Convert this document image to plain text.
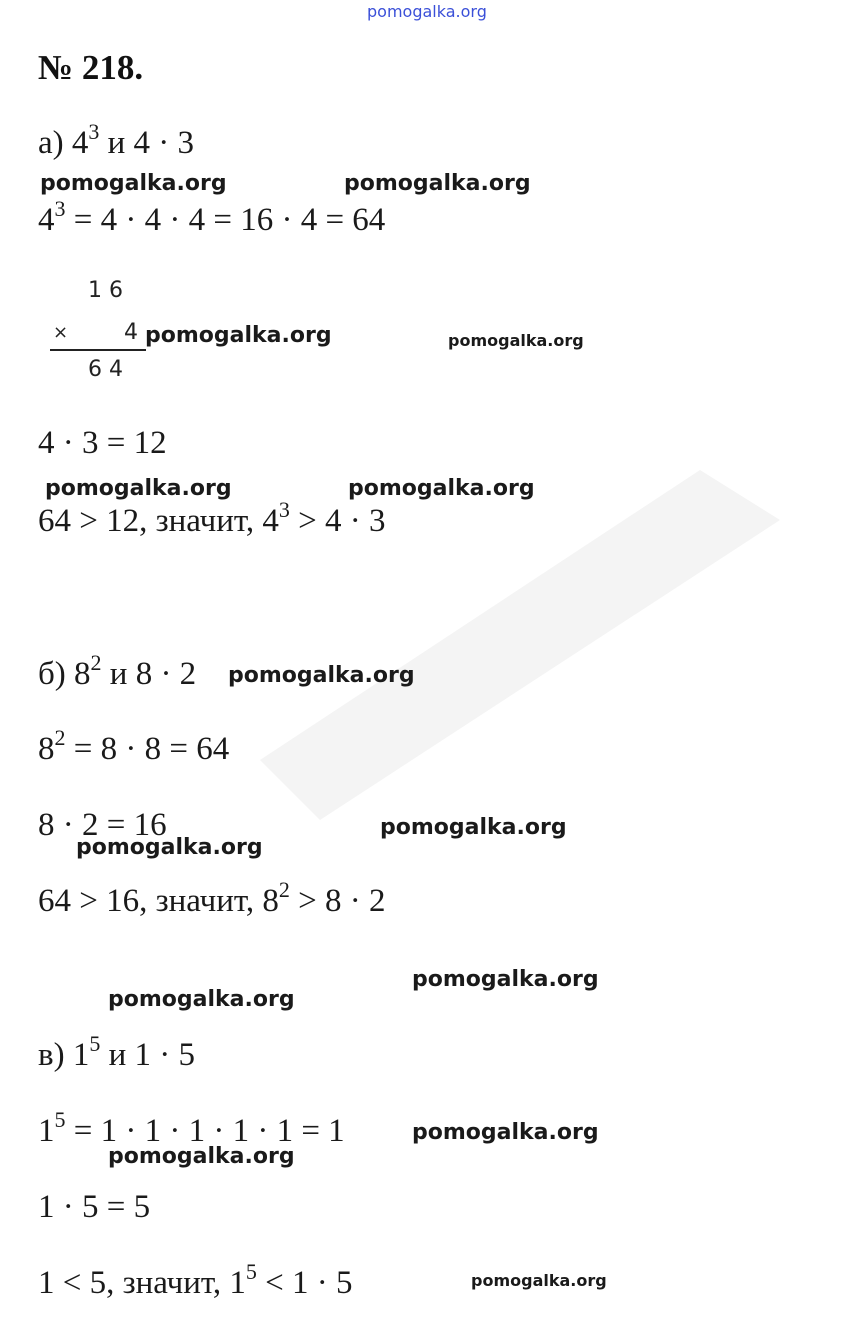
pomogalka.org
№ 218.
а) $4^3$ и 4 · 3
pomogalka.org	pomogalka.org
$4^3 = 4 \cdot 4 \cdot 4 = 16 \cdot 4 = 64$
1 6
×	4
6 4
pomogalka.org	pomogalka.org
4 · 3 = 12
pomogalka.org	pomogalka.org
64 > 12, значит, $4^3 > 4 \cdot 3$
б) $8^2$ и 8 · 2 pomogalka.org
$8^2 = 8 \cdot 8 = 64$
8 · 2 = 16	pomogalka.org
pomogalka.org
64 > 16, значит, $8^2 > 8 \cdot 2$
pomogalka.org
pomogalka.org
в) $1^5$ и 1 · 5
$1^5 = 1 \cdot 1 \cdot 1 \cdot 1 \cdot 1 = 1$	pomogalka.org
pomogalka.org
1 · 5 = 5
1 < 5, значит, $1^5 < 1 \cdot 5$	pomogalka.org
